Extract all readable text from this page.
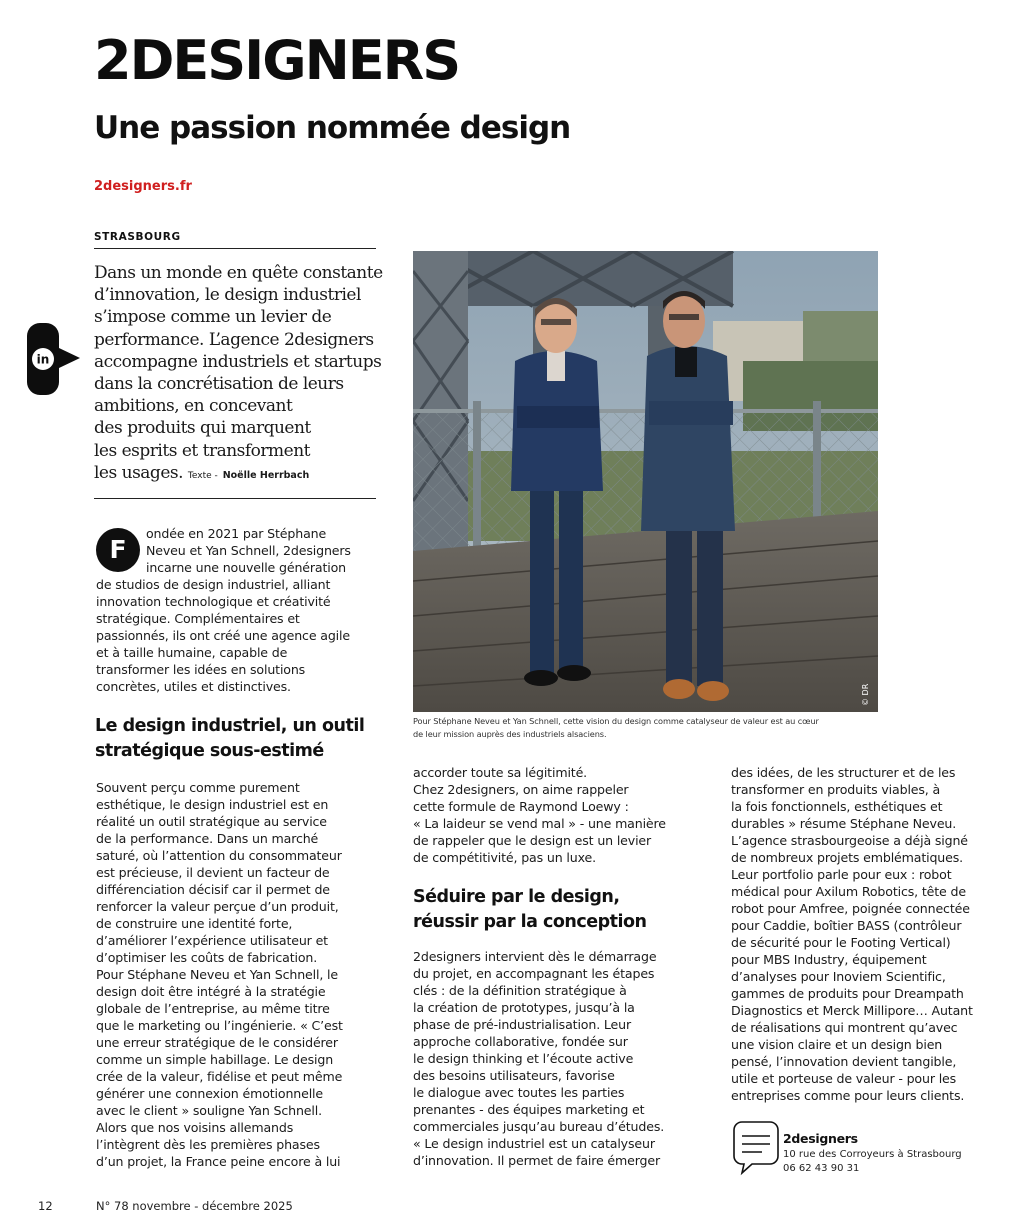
2DESIGNERS
Une passion nommée design
2designers.fr
STRASBOURG
in
Dans un monde en quête constante
d’innovation, le design industriel
s’impose comme un levier de
performance. L’agence 2designers
accompagne industriels et startups
dans la concrétisation de leurs
ambitions, en concevant
des produits qui marquent
les esprits et transforment
les usages. Texte - Noëlle Herrbach
F
ondée en 2021 par Stéphane
Neveu et Yan Schnell, 2designers
incarne une nouvelle génération
de studios de design industriel, alliant
innovation technologique et créativité
stratégique. Complémentaires et
passionnés, ils ont créé une agence agile
et à taille humaine, capable de
transformer les idées en solutions
concrètes, utiles et distinctives.
Le design industriel, un outil
stratégique sous-estimé
Souvent perçu comme purement
esthétique, le design industriel est en
réalité un outil stratégique au service
de la performance. Dans un marché
saturé, où l’attention du consommateur
est précieuse, il devient un facteur de
différenciation décisif car il permet de
renforcer la valeur perçue d’un produit,
de construire une identité forte,
d’améliorer l’expérience utilisateur et
d’optimiser les coûts de fabrication.
Pour Stéphane Neveu et Yan Schnell, le
design doit être intégré à la stratégie
globale de l’entreprise, au même titre
que le marketing ou l’ingénierie. « C’est
une erreur stratégique de le considérer
comme un simple habillage. Le design
crée de la valeur, fidélise et peut même
générer une connexion émotionnelle
avec le client » souligne Yan Schnell.
Alors que nos voisins allemands
l’intègrent dès les premières phases
d’un projet, la France peine encore à lui
© DR
Pour Stéphane Neveu et Yan Schnell, cette vision du design comme catalyseur de valeur est au cœur
de leur mission auprès des industriels alsaciens.
accorder toute sa légitimité.
Chez 2designers, on aime rappeler
cette formule de Raymond Loewy :
« La laideur se vend mal » - une manière
de rappeler que le design est un levier
de compétitivité, pas un luxe.
Séduire par le design,
réussir par la conception
2designers intervient dès le démarrage
du projet, en accompagnant les étapes
clés : de la définition stratégique à
la création de prototypes, jusqu’à la
phase de pré-industrialisation. Leur
approche collaborative, fondée sur
le design thinking et l’écoute active
des besoins utilisateurs, favorise
le dialogue avec toutes les parties
prenantes - des équipes marketing et
commerciales jusqu’au bureau d’études.
« Le design industriel est un catalyseur
d’innovation. Il permet de faire émerger
des idées, de les structurer et de les
transformer en produits viables, à
la fois fonctionnels, esthétiques et
durables » résume Stéphane Neveu.
L’agence strasbourgeoise a déjà signé
de nombreux projets emblématiques.
Leur portfolio parle pour eux : robot
médical pour Axilum Robotics, tête de
robot pour Amfree, poignée connectée
pour Caddie, boîtier BASS (contrôleur
de sécurité pour le Footing Vertical)
pour MBS Industry, équipement
d’analyses pour Inoviem Scientific,
gammes de produits pour Dreampath
Diagnostics et Merck Millipore… Autant
de réalisations qui montrent qu’avec
une vision claire et un design bien
pensé, l’innovation devient tangible,
utile et porteuse de valeur - pour les
entreprises comme pour leurs clients.
2designers
10 rue des Corroyeurs à Strasbourg
06 62 43 90 31
12	N° 78 novembre - décembre 2025
